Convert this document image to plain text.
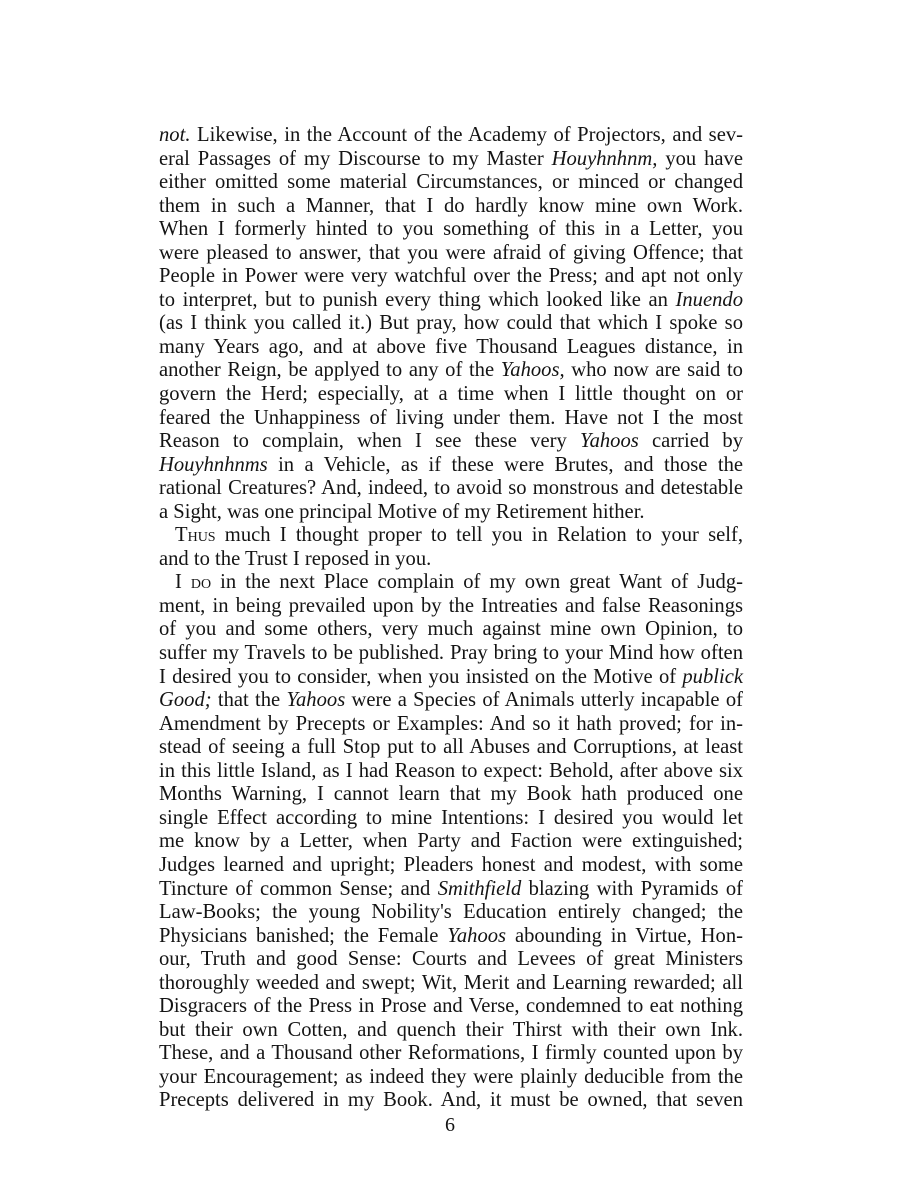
not. Likewise, in the Account of the Academy of Projectors, and sev-
eral Passages of my Discourse to my Master Houyhnhnm, you have
either omitted some material Circumstances, or minced or changed
them in such a Manner, that I do hardly know mine own Work.
When I formerly hinted to you something of this in a Letter, you
were pleased to answer, that you were afraid of giving Offence; that
People in Power were very watchful over the Press; and apt not only
to interpret, but to punish every thing which looked like an Inuendo
(as I think you called it.) But pray, how could that which I spoke so
many Years ago, and at above five Thousand Leagues distance, in
another Reign, be applyed to any of the Yahoos, who now are said to
govern the Herd; especially, at a time when I little thought on or
feared the Unhappiness of living under them. Have not I the most
Reason to complain, when I see these very Yahoos carried by
Houyhnhnms in a Vehicle, as if these were Brutes, and those the
rational Creatures? And, indeed, to avoid so monstrous and detestable
a Sight, was one principal Motive of my Retirement hither.
Thus much I thought proper to tell you in Relation to your self,
and to the Trust I reposed in you.
I do in the next Place complain of my own great Want of Judg-
ment, in being prevailed upon by the Intreaties and false Reasonings
of you and some others, very much against mine own Opinion, to
suffer my Travels to be published. Pray bring to your Mind how often
I desired you to consider, when you insisted on the Motive of publick
Good; that the Yahoos were a Species of Animals utterly incapable of
Amendment by Precepts or Examples: And so it hath proved; for in-
stead of seeing a full Stop put to all Abuses and Corruptions, at least
in this little Island, as I had Reason to expect: Behold, after above six
Months Warning, I cannot learn that my Book hath produced one
single Effect according to mine Intentions: I desired you would let
me know by a Letter, when Party and Faction were extinguished;
Judges learned and upright; Pleaders honest and modest, with some
Tincture of common Sense; and Smithfield blazing with Pyramids of
Law-Books; the young Nobility's Education entirely changed; the
Physicians banished; the Female Yahoos abounding in Virtue, Hon-
our, Truth and good Sense: Courts and Levees of great Ministers
thoroughly weeded and swept; Wit, Merit and Learning rewarded; all
Disgracers of the Press in Prose and Verse, condemned to eat nothing
but their own Cotten, and quench their Thirst with their own Ink.
These, and a Thousand other Reformations, I firmly counted upon by
your Encouragement; as indeed they were plainly deducible from the
Precepts delivered in my Book. And, it must be owned, that seven
6
